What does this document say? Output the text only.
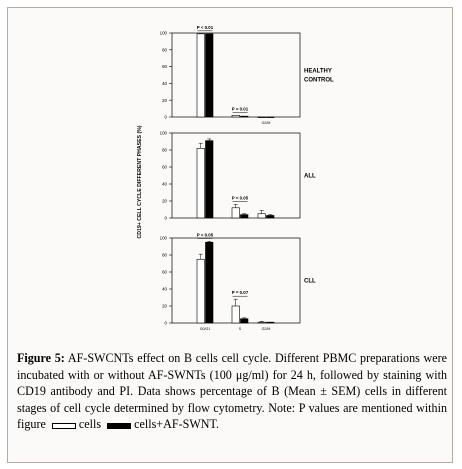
CD19+ CELL CYCLE DIFFERENT PHASES (%)
0
20
40
60
80
100
G2/M
P < 0.01
P = 0.01
HEALTHY
CONTROL
0
20
40
60
80
100
P < 0.05
ALL
0
20
40
60
80
100
G0/G1	S	G2/M
P < 0.05
P = 0.07
CLL
Figure 5: AF-SWCNTs effect on B cells cell cycle. Different PBMC preparations were incubated with or without AF-SWNTs (100 μg/ml) for 24 h, followed by staining with CD19 antibody and PI. Data shows percentage of B (Mean ± SEM) cells in different stages of cell cycle determined by flow cytometry. Note: P values are mentioned within figure	cells	cells+AF-SWNT.
